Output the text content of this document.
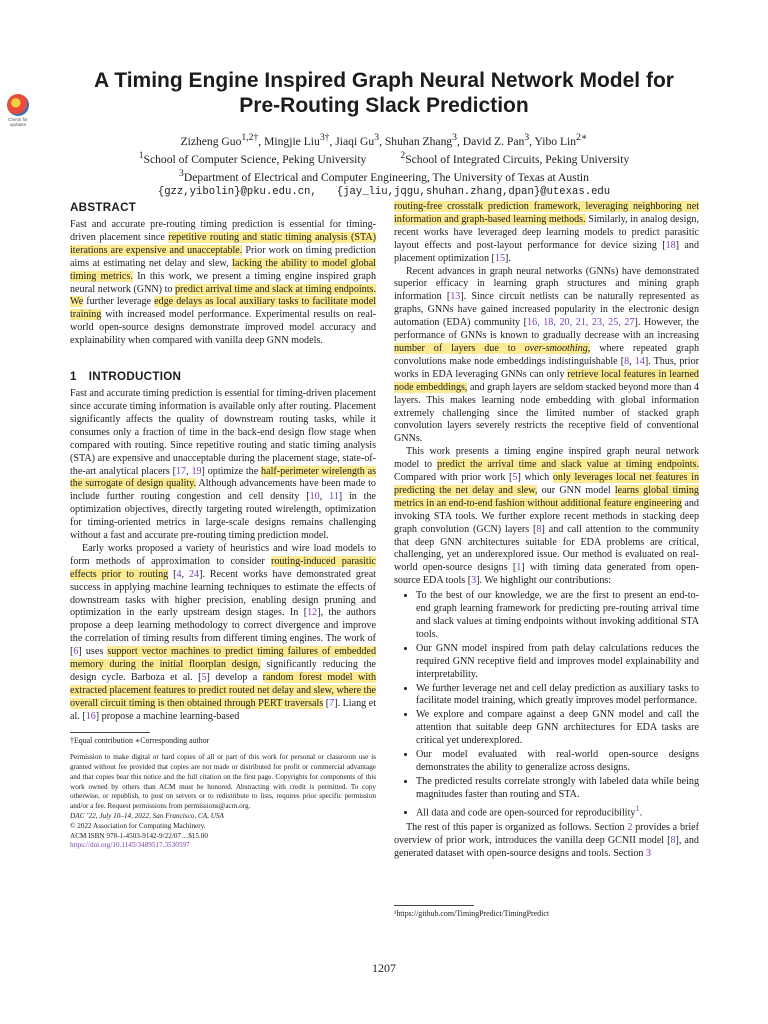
Check for updates
A Timing Engine Inspired Graph Neural Network Model for
Pre-Routing Slack Prediction
Zizheng Guo$^{1,2\dagger}$, Mingjie Liu$^{3\dagger}$, Jiaqi Gu$^3$, Shuhan Zhang$^3$, David Z. Pan$^3$, Yibo Lin$^{2∗}$
$^1$School of Computer Science, Peking University	$^2$School of Integrated Circuits, Peking University
$^3$Department of Electrical and Computer Engineering, The University of Texas at Austin
{gzz,yibolin}@pku.edu.cn, {jay_liu,jqgu,shuhan.zhang,dpan}@utexas.edu
ABSTRACT

Fast and accurate pre-routing timing prediction is essential for timing-driven placement since repetitive routing and static timing analysis (STA) iterations are expensive and unacceptable. Prior work on timing prediction aims at estimating net delay and slew, lacking the ability to model global timing metrics. In this work, we present a timing engine inspired graph neural network (GNN) to predict arrival time and slack at timing endpoints. We further leverage edge delays as local auxiliary tasks to facilitate model training with increased model performance. Experimental results on real-world open-source designs demonstrate improved model accuracy and explainability when compared with vanilla deep GNN models.

1 INTRODUCTION

Fast and accurate timing prediction is essential for timing-driven placement since accurate timing information is available only after routing. Placement significantly affects the quality of downstream routing tasks, while it consumes only a fraction of time in the back-end design flow stage when compared with routing. Since repetitive routing and static timing analysis (STA) are expensive and unacceptable during the placement stage, state-of-the-art analytical placers [17, 19] optimize the half-perimeter wirelength as the surrogate of design quality. Although advancements have been made to include further routing congestion and cell density [10, 11] in the optimization objectives, directly targeting routed wirelength, optimization for timing-oriented metrics in large-scale designs remains challenging without a fast and accurate pre-routing timing prediction model.

Early works proposed a variety of heuristics and wire load models to form methods of approximation to consider routing-induced parasitic effects prior to routing [4, 24]. Recent works have demonstrated great success in applying machine learning techniques to estimate the effects of downstream tasks with higher precision, enabling design pruning and optimization in the early upstream design stages. In [12], the authors propose a deep learning methodology to correct divergence and improve the correlation of timing results from different timing engines. The work of [6] uses support vector machines to predict timing failures of embedded memory during the initial floorplan design, significantly reducing the design cycle. Barboza et al. [5] develop a random forest model with extracted placement features to predict routed net delay and slew, where the overall circuit timing is then obtained through PERT traversals [7]. Liang et al. [16] propose a machine learning-based

†Equal contribution ∗Corresponding author

Permission to make digital or hard copies of all or part of this work for personal or classroom use is granted without fee provided that copies are not made or distributed for profit or commercial advantage and that copies bear this notice and the full citation on the first page. Copyrights for components of this work owned by others than ACM must be honored. Abstracting with credit is permitted. To copy otherwise, or republish, to post on servers or to redistribute to lists, requires prior specific permission and/or a fee. Request permissions from permissions@acm.org.

DAC ’22, July 10–14, 2022, San Francisco, CA, USA

© 2022 Association for Computing Machinery.

ACM ISBN 978-1-4503-9142-9/22/07…$15.00

https://doi.org/10.1145/3489517.3530597

routing-free crosstalk prediction framework, leveraging neighboring net information and graph-based learning methods. Similarly, in analog design, recent works have leveraged deep learning models to predict parasitic layout effects and post-layout performance for device sizing [18] and placement optimization [15].

Recent advances in graph neural networks (GNNs) have demonstrated superior efficacy in learning graph structures and mining graph information [13]. Since circuit netlists can be naturally represented as graphs, GNNs have gained increased popularity in the electronic design automation (EDA) community [16, 18, 20, 21, 23, 25, 27]. However, the performance of GNNs is known to gradually decrease with an increasing number of layers due to over-smoothing, where repeated graph convolutions make node embeddings indistinguishable [8, 14]. Thus, prior works in EDA leveraging GNNs can only retrieve local features in learned node embeddings, and graph layers are seldom stacked beyond more than 4 layers. This makes learning node embedding with global information extremely challenging since the limited number of stacked graph convolution layers severely restricts the receptive field of conventional GNNs.

This work presents a timing engine inspired graph neural network model to predict the arrival time and slack value at timing endpoints. Compared with prior work [5] which only leverages local net features in predicting the net delay and slew, our GNN model learns global timing metrics in an end-to-end fashion without additional feature engineering and invoking STA tools. We further explore recent methods in stacking deep graph convolution (GCN) layers [8] and call attention to the community that deep GNN architectures suitable for EDA problems are critical, challenging, yet an underexplored issue. Our method is evaluated on real-world open-source designs [1] with timing data generated from open-source EDA tools [3]. We highlight our contributions:

• To the best of our knowledge, we are the first to present an end-to-end graph learning framework for predicting pre-routing arrival time and slack values at timing endpoints without invoking additional STA tools.
• Our GNN model inspired from path delay calculations reduces the required GNN receptive field and improves model explainability and interpretability.
• We further leverage net and cell delay prediction as auxiliary tasks to facilitate model training, which greatly improves model performance.
• We explore and compare against a deep GNN model and call the attention that suitable deep GNN architectures for EDA tasks are critical yet underexplored.
• Our model evaluated with real-world open-source designs demonstrates the ability to generalize across designs.
• The predicted results correlate strongly with labeled data while being magnitudes faster than routing and STA.
• All data and code are open-sourced for reproducibility$^1$.

The rest of this paper is organized as follows. Section 2 provides a brief overview of prior work, introduces the vanilla deep GCNII model [8], and generated dataset with open-source designs and tools. Section 3

¹https://github.com/TimingPredict/TimingPredict

1207
